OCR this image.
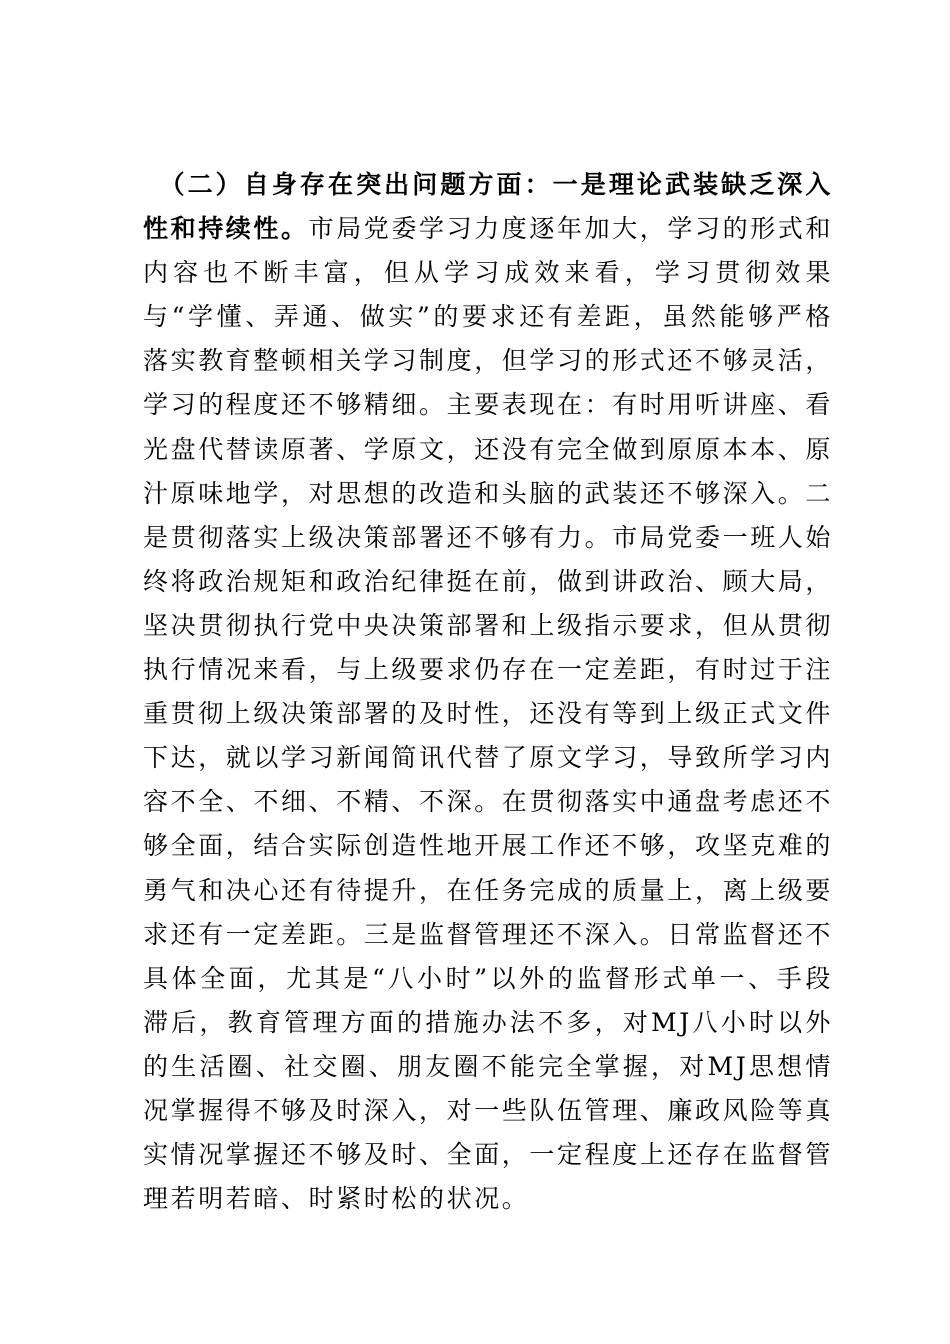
（二）自身存在突出问题方面：一是理论武装缺乏深入性和持续性。市局党委学习力度逐年加大，学习的形式和内容也不断丰富，但从学习成效来看，学习贯彻效果与“学懂、弄通、做实”的要求还有差距，虽然能够严格落实教育整顿相关学习制度，但学习的形式还不够灵活，学习的程度还不够精细。主要表现在：有时用听讲座、看光盘代替读原著、学原文，还没有完全做到原原本本、原汁原味地学，对思想的改造和头脑的武装还不够深入。二是贯彻落实上级决策部署还不够有力。市局党委一班人始终将政治规矩和政治纪律挺在前，做到讲政治、顾大局，坚决贯彻执行党中央决策部署和上级指示要求，但从贯彻执行情况来看，与上级要求仍存在一定差距，有时过于注重贯彻上级决策部署的及时性，还没有等到上级正式文件下达，就以学习新闻简讯代替了原文学习，导致所学习内容不全、不细、不精、不深。在贯彻落实中通盘考虑还不够全面，结合实际创造性地开展工作还不够，攻坚克难的勇气和决心还有待提升，在任务完成的质量上，离上级要求还有一定差距。三是监督管理还不深入。日常监督还不具体全面，尤其是“八小时”以外的监督形式单一、手段滞后，教育管理方面的措施办法不多，对MJ八小时以外的生活圈、社交圈、朋友圈不能完全掌握，对MJ思想情况掌握得不够及时深入，对一些队伍管理、廉政风险等真实情况掌握还不够及时、全面，一定程度上还存在监督管理若明若暗、时紧时松的状况。
